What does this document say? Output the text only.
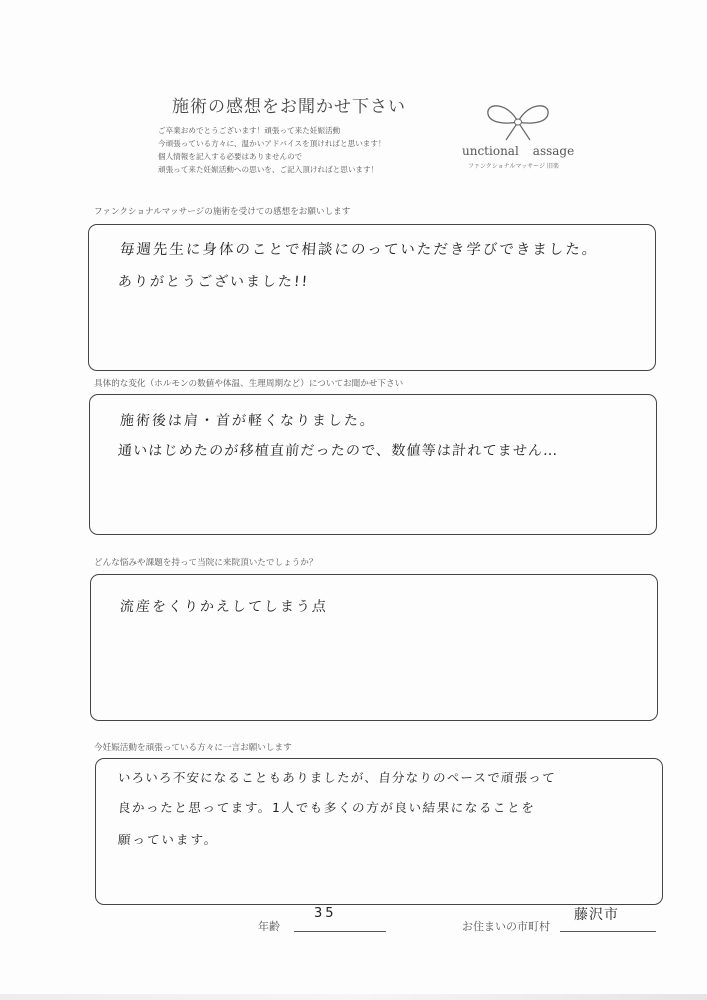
施術の感想をお聞かせ下さい
ご卒業おめでとうございます！頑張って来た妊娠活動
今頑張っている方々に、温かいアドバイスを頂ければと思います！
個人情報を記入する必要はありませんので
頑張って来た妊娠活動への思いを、ご記入頂ければと思います！
unctional assage
ファンクショナルマッサージ 旧楽
ファンクショナルマッサージの施術を受けての感想をお願いします
毎週先生に身体のことで相談にのっていただき学びできました。
ありがとうございました!!
具体的な変化（ホルモンの数値や体温、生理周期など）についてお聞かせ下さい
施術後は肩・首が軽くなりました。
通いはじめたのが移植直前だったので、数値等は計れてません…
どんな悩みや課題を持って当院に来院頂いたでしょうか？
流産をくりかえしてしまう点
今妊娠活動を頑張っている方々に一言お願いします
いろいろ不安になることもありましたが、自分なりのペースで頑張って
良かったと思ってます。1人でも多くの方が良い結果になることを
願っています。
年齢
35
お住まいの市町村
藤沢市
